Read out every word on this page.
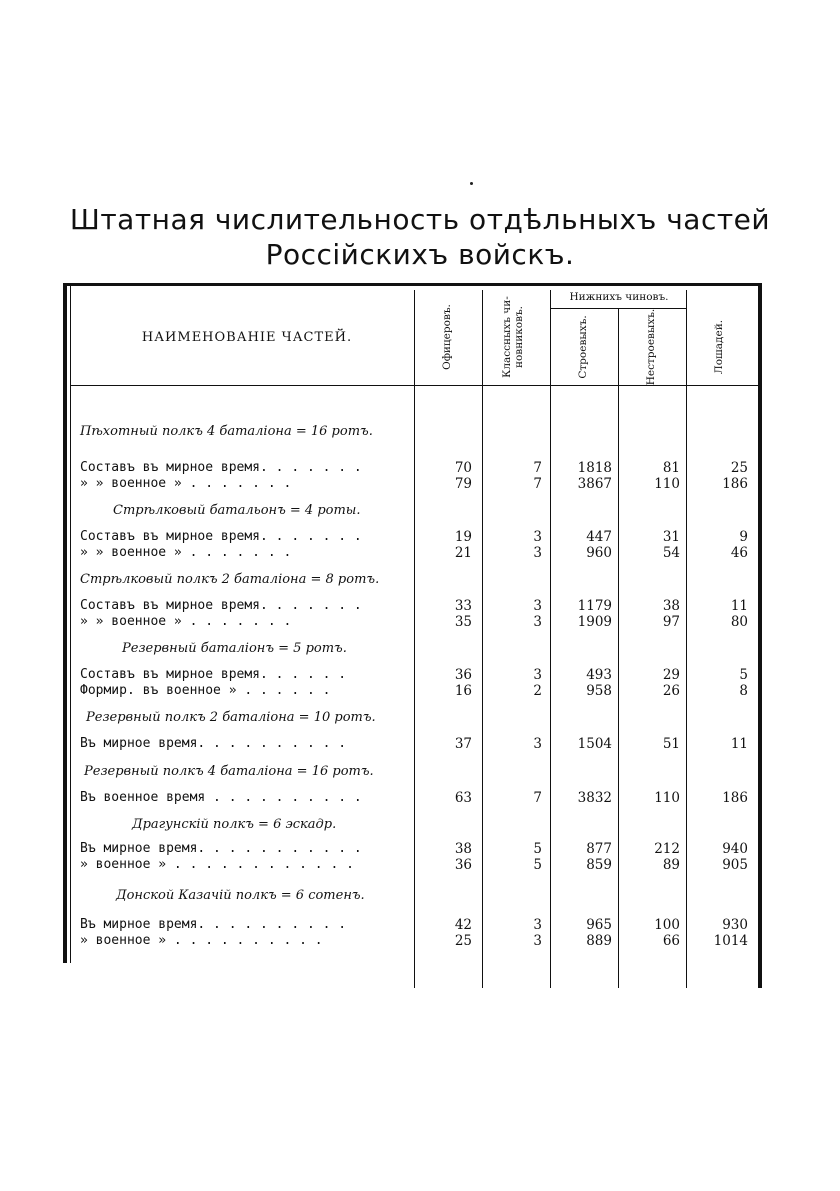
Штатная числительность отдѣльныхъ частей
Россійскихъ войскъ.
НАИМЕНОВАНІЕ ЧАСТЕЙ.	Офицеровъ.	Классныхъ чи-
новниковъ.
Нижнихъ чиновъ.
Строевыхъ.	Нестроевыхъ.	Лошадей.
Пѣхотный полкъ 4 баталіона = 16 ротъ.
Составъ въ мирное время. . . . . . .	70	7	1818	81	25
» » военное » . . . . . . .	79	7	3867	110	186
Стрѣлковый батальонъ = 4 роты.
Составъ въ мирное время. . . . . . .	19	3	447	31	9
» » военное » . . . . . . .	21	3	960	54	46
Стрѣлковый полкъ 2 баталіона = 8 ротъ.
Составъ въ мирное время. . . . . . .	33	3	1179	38	11
» » военное » . . . . . . .	35	3	1909	97	80
Резервный баталіонъ = 5 ротъ.
Составъ въ мирное время. . . . . .	36	3	493	29	5
Формир. въ военное » . . . . . .	16	2	958	26	8
Резервный полкъ 2 баталіона = 10 ротъ.
Въ мирное время. . . . . . . . . .	37	3	1504	51	11
Резервный полкъ 4 баталіона = 16 ротъ.
Въ военное время . . . . . . . . . .	63	7	3832	110	186
Драгунскій полкъ = 6 эскадр.
Въ мирное время. . . . . . . . . . .	38	5	877	212	940
» военное » . . . . . . . . . . . .	36	5	859	89	905
Донской Казачій полкъ = 6 сотенъ.
Въ мирное время. . . . . . . . . .	42	3	965	100	930
» военное » . . . . . . . . . .	25	3	889	66	1014
